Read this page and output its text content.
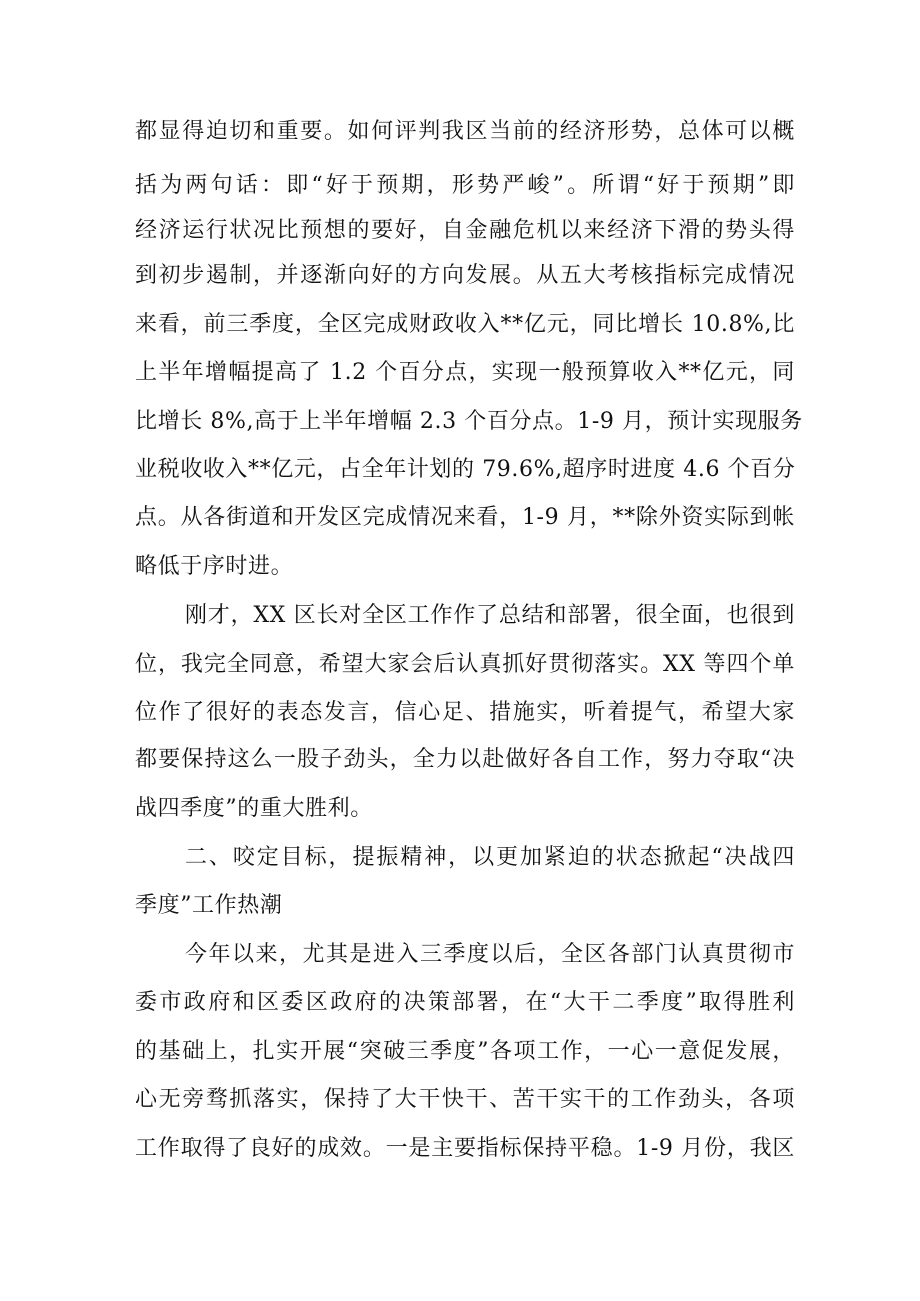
都显得迫切和重要。如何评判我区当前的经济形势，总体可以概
括为两句话：即“好于预期，形势严峻”。所谓“好于预期”即
经济运行状况比预想的要好，自金融危机以来经济下滑的势头得
到初步遏制，并逐渐向好的方向发展。从五大考核指标完成情况
来看，前三季度，全区完成财政收入**亿元，同比增长 10.8%,比
上半年增幅提高了 1.2 个百分点，实现一般预算收入**亿元，同
比增长 8%,高于上半年增幅 2.3 个百分点。1-9 月，预计实现服务
业税收收入**亿元，占全年计划的 79.6%,超序时进度 4.6 个百分
点。从各街道和开发区完成情况来看，1-9 月，**除外资实际到帐
略低于序时进。
刚才，XX 区长对全区工作作了总结和部署，很全面，也很到
位，我完全同意，希望大家会后认真抓好贯彻落实。XX 等四个单
位作了很好的表态发言，信心足、措施实，听着提气，希望大家
都要保持这么一股子劲头，全力以赴做好各自工作，努力夺取“决
战四季度”的重大胜利。
二、咬定目标，提振精神，以更加紧迫的状态掀起“决战四
季度”工作热潮
今年以来，尤其是进入三季度以后，全区各部门认真贯彻市
委市政府和区委区政府的决策部署，在“大干二季度”取得胜利
的基础上，扎实开展“突破三季度”各项工作，一心一意促发展，
心无旁骛抓落实，保持了大干快干、苦干实干的工作劲头，各项
工作取得了良好的成效。一是主要指标保持平稳。1-9 月份，我区
